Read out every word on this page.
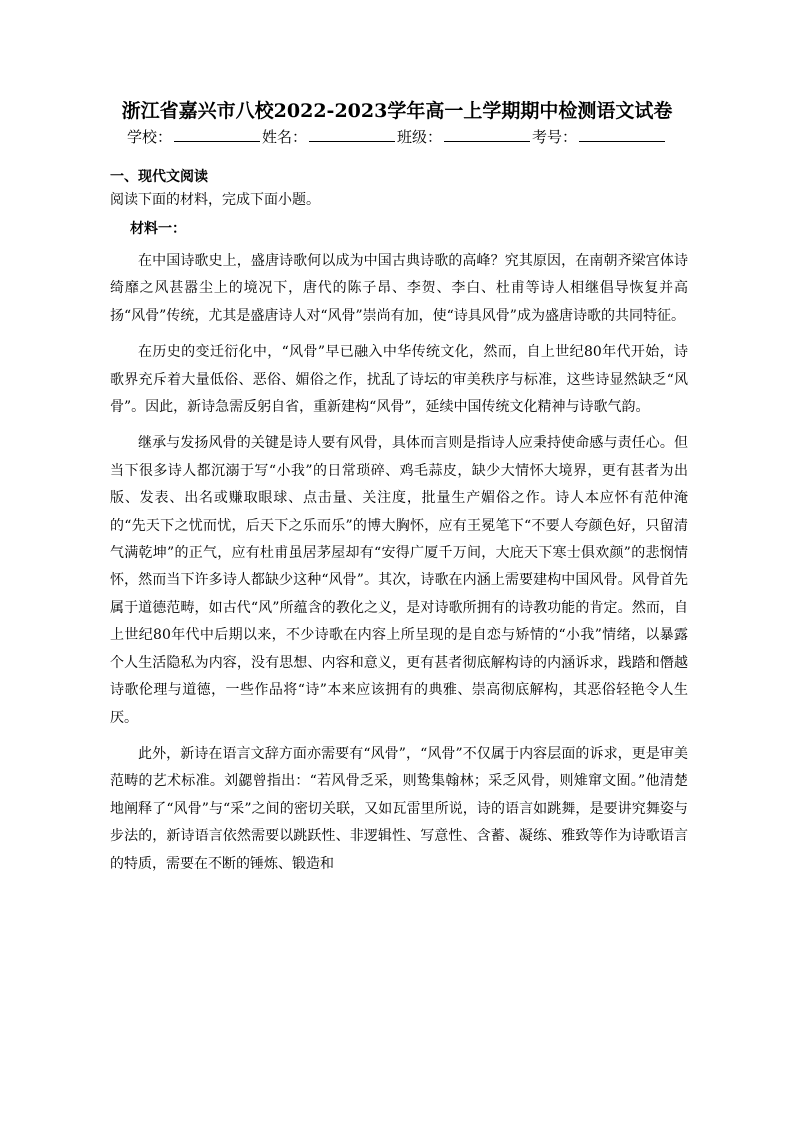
浙江省嘉兴市八校2022-2023学年高一上学期期中检测语文试卷
学校：	姓名：	班级：	考号：
一、现代文阅读
阅读下面的材料，完成下面小题。
材料一：

在中国诗歌史上，盛唐诗歌何以成为中国古典诗歌的高峰？究其原因，在南朝齐梁宫体诗绮靡之风甚嚣尘上的境况下，唐代的陈子昂、李贺、李白、杜甫等诗人相继倡导恢复并高扬“风骨”传统，尤其是盛唐诗人对“风骨”崇尚有加，使“诗具风骨”成为盛唐诗歌的共同特征。

在历史的变迁衍化中，“风骨”早已融入中华传统文化，然而，自上世纪80年代开始，诗歌界充斥着大量低俗、恶俗、媚俗之作，扰乱了诗坛的审美秩序与标准，这些诗显然缺乏“风骨”。因此，新诗急需反躬自省，重新建构“风骨”，延续中国传统文化精神与诗歌气韵。

继承与发扬风骨的关键是诗人要有风骨，具体而言则是指诗人应秉持使命感与责任心。但当下很多诗人都沉溺于写“小我”的日常琐碎、鸡毛蒜皮，缺少大情怀大境界，更有甚者为出版、发表、出名或赚取眼球、点击量、关注度，批量生产媚俗之作。诗人本应怀有范仲淹的“先天下之忧而忧，后天下之乐而乐”的博大胸怀，应有王冕笔下“不要人夸颜色好，只留清气满乾坤”的正气，应有杜甫虽居茅屋却有“安得广厦千万间，大庇天下寒士俱欢颜”的悲悯情怀，然而当下许多诗人都缺少这种“风骨”。其次，诗歌在内涵上需要建构中国风骨。风骨首先属于道德范畴，如古代“风”所蕴含的教化之义，是对诗歌所拥有的诗教功能的肯定。然而，自上世纪80年代中后期以来，不少诗歌在内容上所呈现的是自恋与矫情的“小我”情绪，以暴露个人生活隐私为内容，没有思想、内容和意义，更有甚者彻底解构诗的内涵诉求，践踏和僭越诗歌伦理与道德，一些作品将“诗”本来应该拥有的典雅、崇高彻底解构，其恶俗轻艳令人生厌。

此外，新诗在语言文辞方面亦需要有“风骨”，“风骨”不仅属于内容层面的诉求，更是审美范畴的艺术标准。刘勰曾指出：“若风骨乏采，则鸷集翰林；采乏风骨，则雉窜文囿。”他清楚地阐释了“风骨”与“采”之间的密切关联，又如瓦雷里所说，诗的语言如跳舞，是要讲究舞姿与步法的，新诗语言依然需要以跳跃性、非逻辑性、写意性、含蓄、凝练、雅致等作为诗歌语言的特质，需要在不断的锤炼、锻造和
